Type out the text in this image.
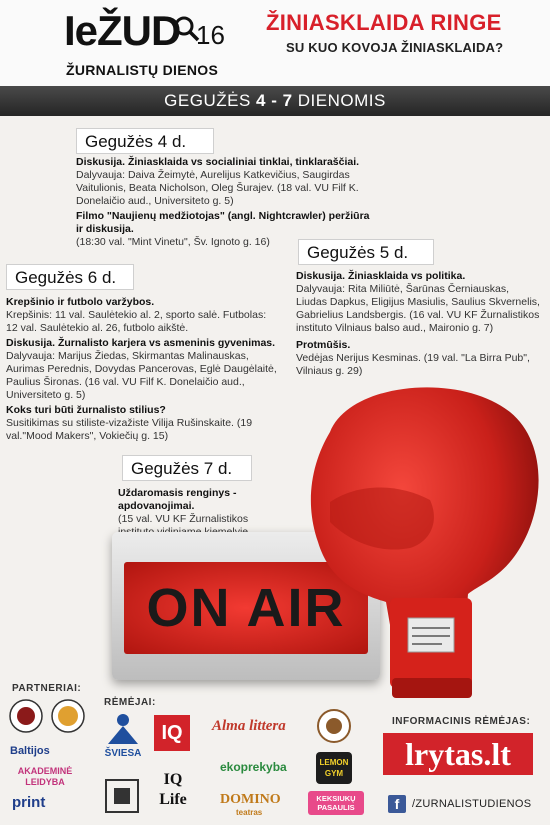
IeŽUD 16
ŽURNALISTŲ DIENOS
ŽINIASKLAIDA RINGE
SU KUO KOVOJA ŽINIASKLAIDA?
GEGUŽĖS 4 - 7 DIENOMIS
Gegužės 4 d.
Diskusija. Žiniasklaida vs socialiniai tinklai, tinklaraščiai.
Dalyvauja: Daiva Žeimytė, Aurelijus Katkevičius, Saugirdas Vaitulionis, Beata Nicholson, Oleg Šurajev. (18 val. VU Filf K. Donelaičio aud., Universiteto g. 5)
Filmo "Naujienų medžiotojas" (angl. Nightcrawler) peržiūra ir diskusija.
(18:30 val. "Mint Vinetu", Šv. Ignoto g. 16)
Gegužės 5 d.
Diskusija. Žiniasklaida vs politika.
Dalyvauja: Rita Miliūtė, Šarūnas Černiauskas, Liudas Dapkus, Eligijus Masiulis, Saulius Skvernelis, Gabrielius Landsbergis. (16 val. VU KF Žurnalistikos instituto Vilniaus balso aud., Maironio g. 7)
Protmūšis.
Vedėjas Nerijus Kesminas. (19 val. "La Birra Pub", Vilniaus g. 29)
Gegužės 6 d.
Krepšinio ir futbolo varžybos.
Krepšinis: 11 val. Saulėtekio al. 2, sporto salė. Futbolas: 12 val. Saulėtekio al. 26, futbolo aikštė.
Diskusija. Žurnalisto karjera vs asmeninis gyvenimas.
Dalyvauja: Marijus Žiedas, Skirmantas Malinauskas, Aurimas Perednis, Dovydas Pancerovas, Eglė Daugėlaitė, Paulius Šironas. (16 val. VU Filf K. Donelaičio aud., Universiteto g. 5)
Koks turi būti žurnalisto stilius?
Susitikimas su stiliste-vizažiste Vilija Rušinskaite. (19 val."Mood Makers", Vokiečių g. 15)
Gegužės 7 d.
Uždaromasis renginys - apdovanojimai.
(15 val. VU KF Žurnalistikos
ON AIR
PARTNERIAI:
RĖMĖJAI:
INFORMACINIS RĖMĖJAS:
Baltijos
AKADEMINĖ LEIDYBA
print
ŠVIESA
IQ
IQ Life
Alma littera
ekoprekyba
DOMINO
teatras
LEMON GYM
KEKSIUKŲ PASAULIS
lrytas.lt
f	/ZURNALISTUDIENOS
